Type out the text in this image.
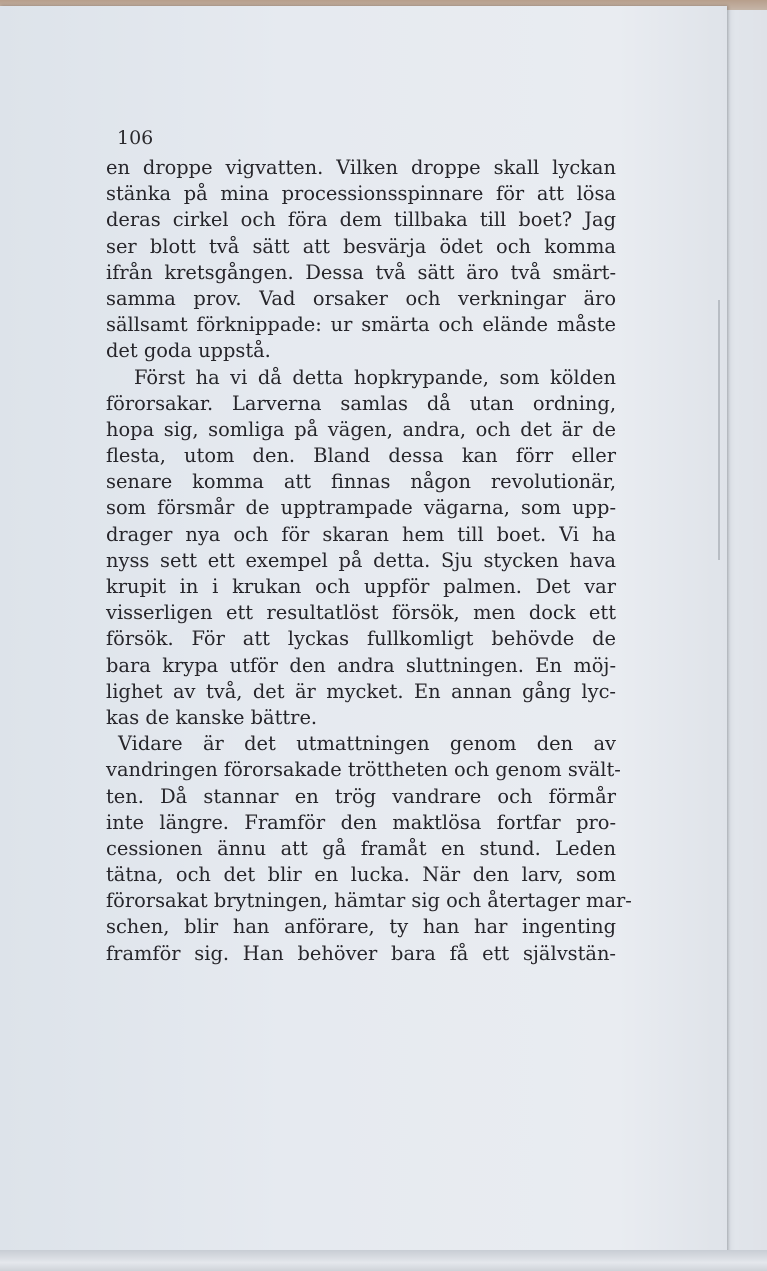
106
en droppe vigvatten. Vilken droppe skall lyckan
stänka på mina processionsspinnare för att lösa
deras cirkel och föra dem tillbaka till boet? Jag
ser blott två sätt att besvärja ödet och komma
ifrån kretsgången. Dessa två sätt äro två smärt-
samma prov. Vad orsaker och verkningar äro
sällsamt förknippade: ur smärta och elände måste
det goda uppstå.
Först ha vi då detta hopkrypande, som kölden
förorsakar. Larverna samlas då utan ordning,
hopa sig, somliga på vägen, andra, och det är de
flesta, utom den. Bland dessa kan förr eller
senare komma att finnas någon revolutionär,
som försmår de upptrampade vägarna, som upp-
drager nya och för skaran hem till boet. Vi ha
nyss sett ett exempel på detta. Sju stycken hava
krupit in i krukan och uppför palmen. Det var
visserligen ett resultatlöst försök, men dock ett
försök. För att lyckas fullkomligt behövde de
bara krypa utför den andra sluttningen. En möj-
lighet av två, det är mycket. En annan gång lyc-
kas de kanske bättre.
Vidare är det utmattningen genom den av
vandringen förorsakade tröttheten och genom svält-
ten. Då stannar en trög vandrare och förmår
inte längre. Framför den maktlösa fortfar pro-
cessionen ännu att gå framåt en stund. Leden
tätna, och det blir en lucka. När den larv, som
förorsakat brytningen, hämtar sig och återtager mar-
schen, blir han anförare, ty han har ingenting
framför sig. Han behöver bara få ett självstän-
